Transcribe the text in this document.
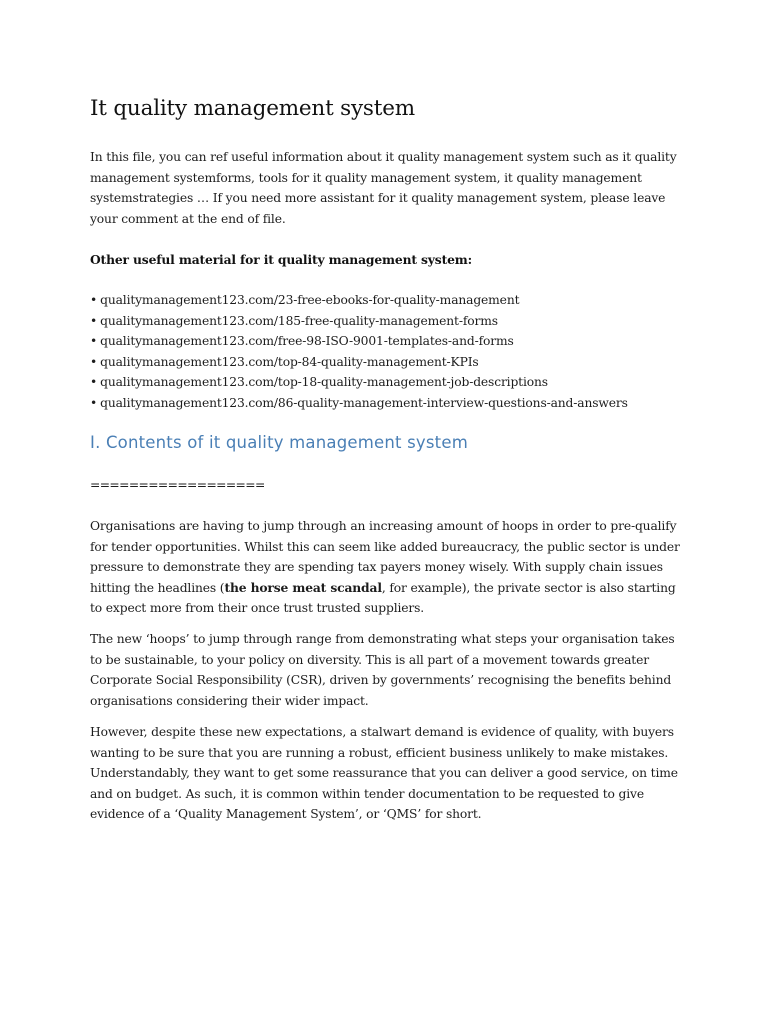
It quality management system

In this file, you can ref useful information about it quality management system such as it quality management systemforms, tools for it quality management system, it quality management systemstrategies … If you need more assistant for it quality management system, please leave your comment at the end of file.

Other useful material for it quality management system:

• qualitymanagement123.com/23-free-ebooks-for-quality-management
• qualitymanagement123.com/185-free-quality-management-forms
• qualitymanagement123.com/free-98-ISO-9001-templates-and-forms
• qualitymanagement123.com/top-84-quality-management-KPIs
• qualitymanagement123.com/top-18-quality-management-job-descriptions
• qualitymanagement123.com/86-quality-management-interview-questions-and-answers
I. Contents of it quality management system

==================

Organisations are having to jump through an increasing amount of hoops in order to pre-qualify for tender opportunities. Whilst this can seem like added bureaucracy, the public sector is under pressure to demonstrate they are spending tax payers money wisely. With supply chain issues hitting the headlines (the horse meat scandal, for example), the private sector is also starting to expect more from their once trust trusted suppliers.

The new ‘hoops’ to jump through range from demonstrating what steps your organisation takes to be sustainable, to your policy on diversity. This is all part of a movement towards greater Corporate Social Responsibility (CSR), driven by governments’ recognising the benefits behind organisations considering their wider impact.

However, despite these new expectations, a stalwart demand is evidence of quality, with buyers wanting to be sure that you are running a robust, efficient business unlikely to make mistakes. Understandably, they want to get some reassurance that you can deliver a good service, on time and on budget. As such, it is common within tender documentation to be requested to give evidence of a ‘Quality Management System’, or ‘QMS’ for short.
